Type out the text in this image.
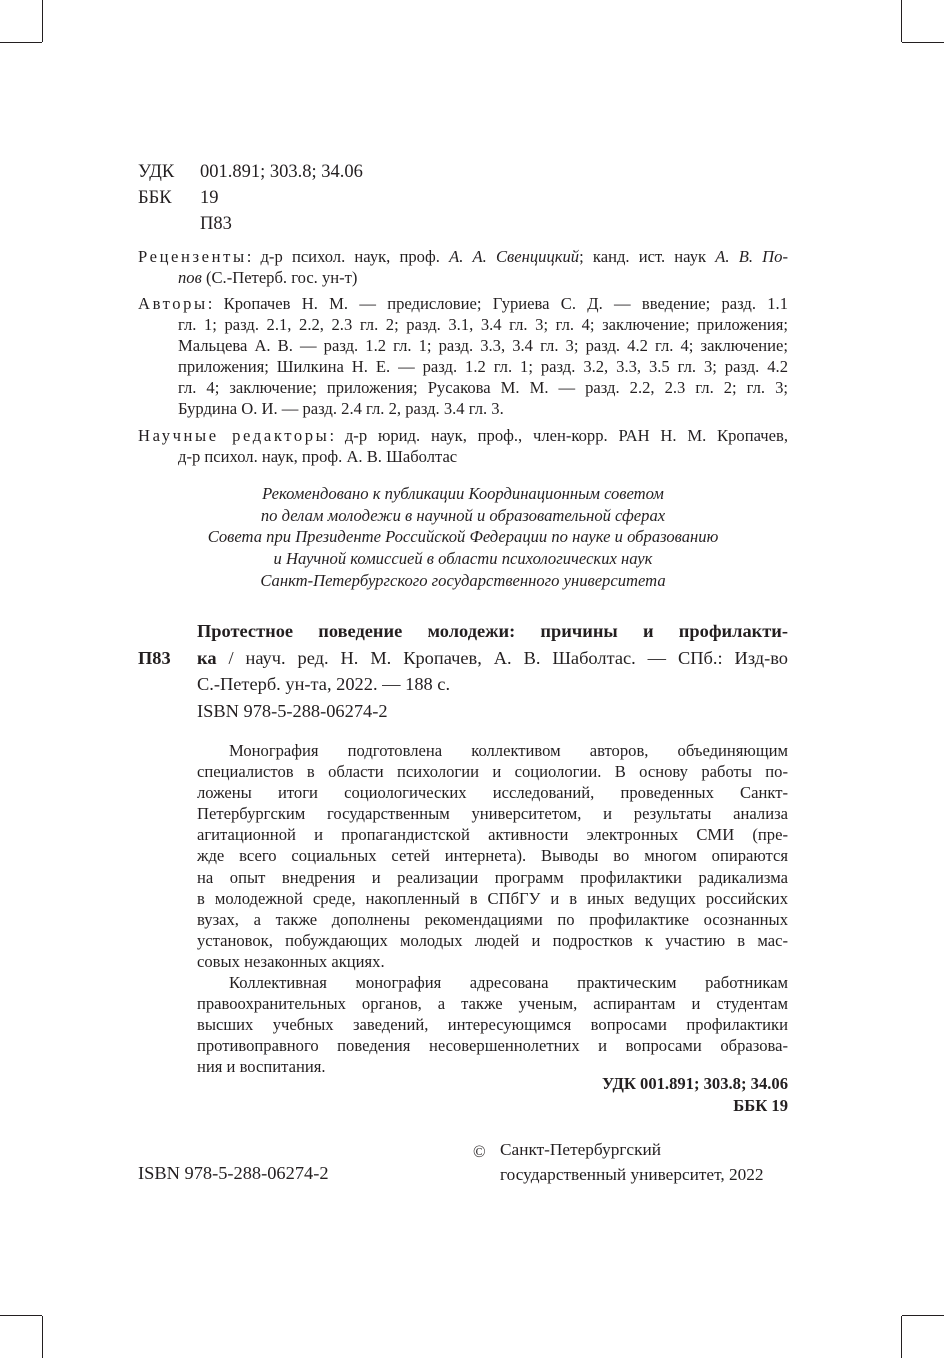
УДК 001.891; 303.8; 34.06
ББК 19
П83
Рецензенты: д-р психол. наук, проф. А. А. Свенцицкий; канд. ист. наук А. В. По-
пов (С.-Петерб. гос. ун-т)
Авторы: Кропачев Н. М. — предисловие; Гуриева С. Д. — введение; разд. 1.1
гл. 1; разд. 2.1, 2.2, 2.3 гл. 2; разд. 3.1, 3.4 гл. 3; гл. 4; заключение; приложения;
Мальцева А. В. — разд. 1.2 гл. 1; разд. 3.3, 3.4 гл. 3; разд. 4.2 гл. 4; заключение;
приложения; Шилкина Н. Е. — разд. 1.2 гл. 1; разд. 3.2, 3.3, 3.5 гл. 3; разд. 4.2
гл. 4; заключение; приложения; Русакова М. М. — разд. 2.2, 2.3 гл. 2; гл. 3;
Бурдина О. И. — разд. 2.4 гл. 2, разд. 3.4 гл. 3.
Научные редакторы: д-р юрид. наук, проф., член-корр. РАН Н. М. Кропачев,
д-р психол. наук, проф. А. В. Шаболтас
Рекомендовано к публикации Координационным советом
по делам молодежи в научной и образовательной сферах
Совета при Президенте Российской Федерации по науке и образованию
и Научной комиссией в области психологических наук
Санкт-Петербургского государственного университета
П83
Протестное поведение молодежи: причины и профилакти-
ка / науч. ред. Н. М. Кропачев, А. В. Шаболтас. — СПб.: Изд-во
С.-Петерб. ун-та, 2022. — 188 с.
ISBN 978-5-288-06274-2
Монография подготовлена коллективом авторов, объединяющим
специалистов в области психологии и социологии. В основу работы по-
ложены итоги социологических исследований, проведенных Санкт-
Петербургским государственным университетом, и результаты анализа
агитационной и пропагандистской активности электронных СМИ (пре-
жде всего социальных сетей интернета). Выводы во многом опираются
на опыт внедрения и реализации программ профилактики радикализма
в молодежной среде, накопленный в СПбГУ и в иных ведущих российских
вузах, а также дополнены рекомендациями по профилактике осознанных
установок, побуждающих молодых людей и подростков к участию в мас-
совых незаконных акциях.
Коллективная монография адресована практическим работникам
правоохранительных органов, а также ученым, аспирантам и студентам
высших учебных заведений, интересующимся вопросами профилактики
противоправного поведения несовершеннолетних и вопросами образова-
ния и воспитания.
УДК 001.891; 303.8; 34.06
ББК 19
ISBN 978-5-288-06274-2
© Санкт-Петербургский
государственный университет, 2022
